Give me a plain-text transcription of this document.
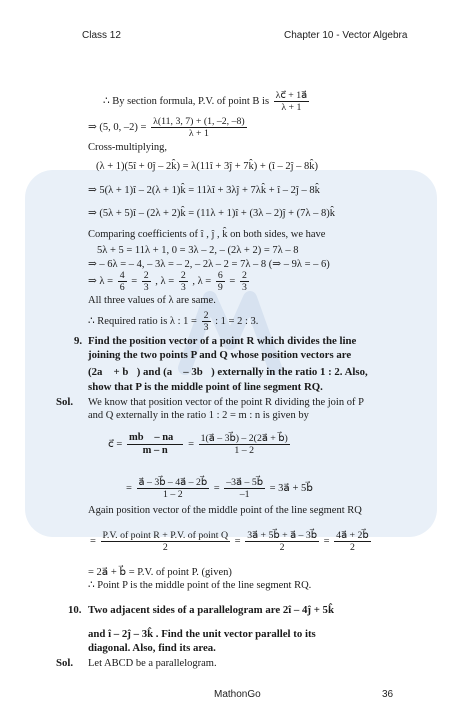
Class 12	Chapter 10 - Vector Algebra
∴ By section formula, P.V. of point B is $\frac{\lambda c⃗ + 1a⃗}{\lambda + 1}$
⇒ (5, 0, $-2) = \frac{\lambda(11, 3, 7) + (1, -2, -8)}{\lambda + 1}$
Cross-multiplying,
(λ + 1)(5î + 0ĵ – 2k̂) = λ(11î + 3ĵ + 7k̂) + (î – 2ĵ – 8k̂)
⇒ 5(λ + 1)î – 2(λ + 1)k̂ = 11λî + 3λĵ + 7λk̂ + î – 2ĵ – 8k̂
⇒ (5λ + 5)î – (2λ + 2)k̂ = (11λ + 1)î + (3λ – 2)ĵ + (7λ – 8)k̂
Comparing coefficients of î , ĵ , k̂ on both sides, we have
5λ + 5 = 11λ + 1, 0 = 3λ – 2, – (2λ + 2) = 7λ – 8
⇒ – 6λ = – 4, – 3λ = – 2, – 2λ – 2 = 7λ – 8 (⇒ – 9λ = – 6)
⇒ $\lambda = \frac{4}{6} = \frac{2}{3}$ , $\lambda = \frac{2}{3}$ , $\lambda = \frac{6}{9} = \frac{2}{3}$
All three values of λ are same.
∴ Required ratio is λ : $1 = \frac{2}{3}$ : 1 = 2 : 3.
9. Find the position vector of a point R which divides the line
joining the two points P and Q whose position vectors are
(2a⃗ + b⃗) and (a⃗ – 3b⃗) externally in the ratio 1 : 2. Also,
show that P is the middle point of line segment RQ.
Sol. We know that position vector of the point R dividing the join of P
and Q externally in the ratio 1 : 2 = m : n is given by
c⃗ = $\frac{mb⃗ - na⃗}{m - n} = \frac{1(a⃗ - 3b⃗) - 2(2a⃗ + b⃗)}{1 - 2}$
= $\frac{a⃗ - 3b⃗ - 4a⃗ - 2b⃗}{1 - 2} = \frac{-3a⃗ - 5b⃗}{-1}$ = 3a⃗ + 5b⃗
Again position vector of the middle point of the line segment RQ
= $\frac{\text{P.V. of point R + P.V. of point Q}}{2} = \frac{3a⃗ + 5b⃗ + a⃗ - 3b⃗}{2} = \frac{4a⃗ + 2b⃗}{2}$
= 2a⃗ + b⃗ = P.V. of point P. (given)
∴ Point P is the middle point of the line segment RQ.
10. Two adjacent sides of a parallelogram are 2î – 4ĵ + 5k̂
and î – 2ĵ – 3k̂ . Find the unit vector parallel to its
diagonal. Also, find its area.
Sol. Let ABCD be a parallelogram.
MathonGo	36
